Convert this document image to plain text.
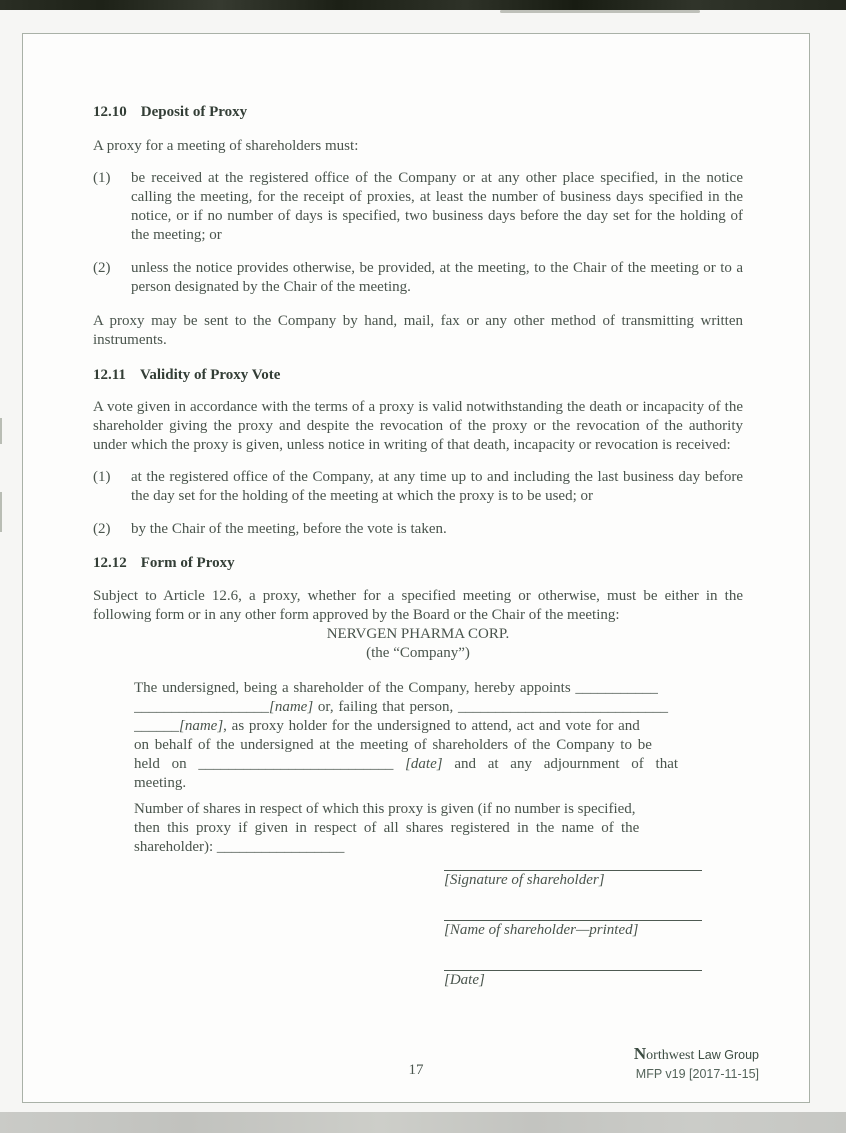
12.10 Deposit of Proxy

A proxy for a meeting of shareholders must:

(1)	be received at the registered office of the Company or at any other place specified, in the notice calling the meeting, for the receipt of proxies, at least the number of business days specified in the notice, or if no number of days is specified, two business days before the day set for the holding of the meeting; or
(2)	unless the notice provides otherwise, be provided, at the meeting, to the Chair of the meeting or to a person designated by the Chair of the meeting.

A proxy may be sent to the Company by hand, mail, fax or any other method of transmitting written instruments.

12.11 Validity of Proxy Vote

A vote given in accordance with the terms of a proxy is valid notwithstanding the death or incapacity of the shareholder giving the proxy and despite the revocation of the proxy or the revocation of the authority under which the proxy is given, unless notice in writing of that death, incapacity or revocation is received:

(1)	at the registered office of the Company, at any time up to and including the last business day before the day set for the holding of the meeting at which the proxy is to be used; or
(2)	by the Chair of the meeting, before the vote is taken.

12.12 Form of Proxy

Subject to Article 12.6, a proxy, whether for a specified meeting or otherwise, must be either in the following form or in any other form approved by the Board or the Chair of the meeting:

NERVGEN PHARMA CORP.

(the “Company”)

The undersigned, being a shareholder of the Company, hereby appoints ___________
__________________[name] or, failing that person, ____________________________
______[name], as proxy holder for the undersigned to attend, act and vote for and
on behalf of the undersigned at the meeting of shareholders of the Company to be
held on __________________________ [date] and at any adjournment of that
meeting.
Number of shares in respect of which this proxy is given (if no number is specified,
then this proxy if given in respect of all shares registered in the name of the
shareholder): _________________
[Signature of shareholder]
[Name of shareholder—printed]
[Date]
17
Northwest Law Group
MFP v19 [2017-11-15]
